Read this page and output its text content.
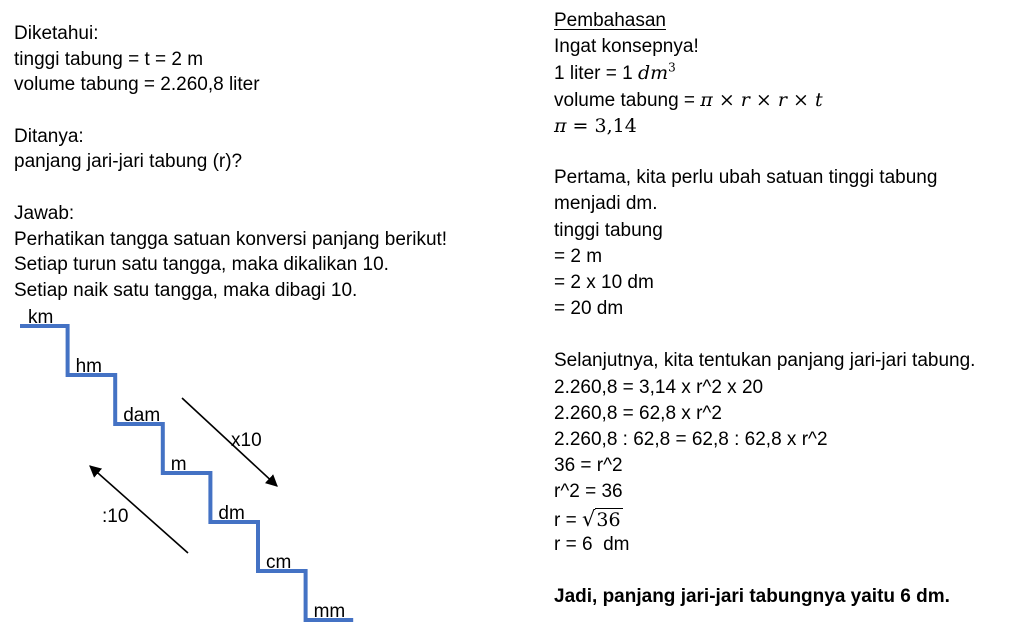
Diketahui:
tinggi tabung = t = 2 m
volume tabung = 2.260,8 liter
Ditanya:
panjang jari-jari tabung (r)?
Jawab:
Perhatikan tangga satuan konversi panjang berikut!
Setiap turun satu tangga, maka dikalikan 10.
Setiap naik satu tangga, maka dibagi 10.
km
hm
dam
m
dm
cm
mm
x10
:10
Pembahasan
Ingat konsepnya!
1 liter = 1 $dm^3$
volume tabung = π × r × r × t
π = 3,14
Pertama, kita perlu ubah satuan tinggi tabung
menjadi dm.
tinggi tabung
= 2 m
= 2 x 10 dm
= 20 dm
Selanjutnya, kita tentukan panjang jari-jari tabung.
2.260,8 = 3,14 x r^2 x 20
2.260,8 = 62,8 x r^2
2.260,8 : 62,8 = 62,8 : 62,8 x r^2
36 = r^2
r^2 = 36
r = √36
r = 6  dm
Jadi, panjang jari-jari tabungnya yaitu 6 dm.
